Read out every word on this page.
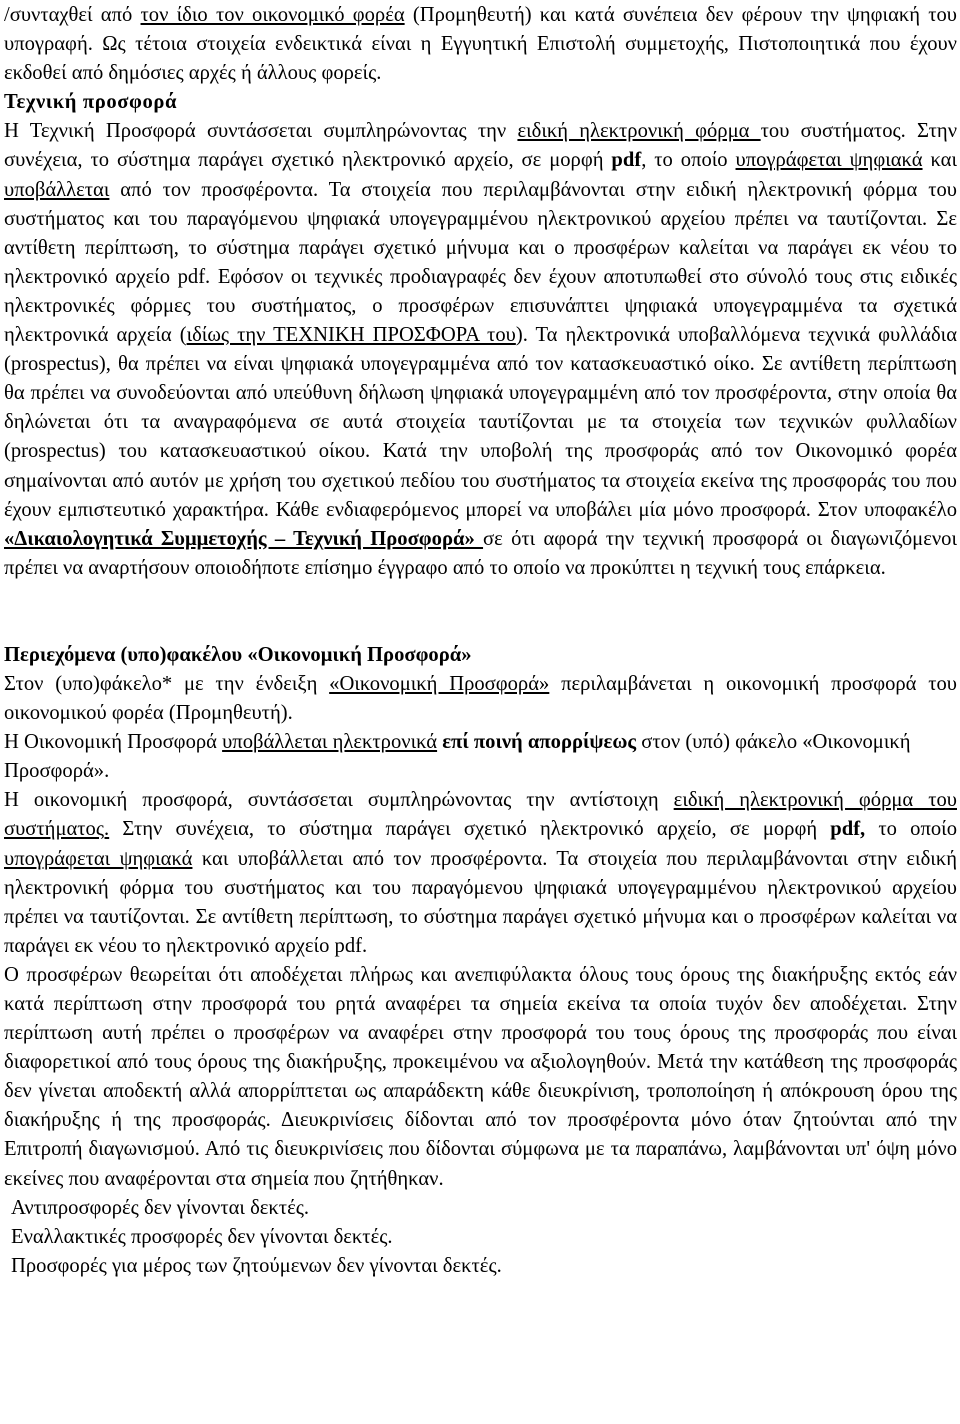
/συνταχθεί από τον ίδιο τον οικονομικό φορέα (Προμηθευτή) και κατά συνέπεια δεν φέρουν την ψηφιακή του υπογραφή. Ως τέτοια στοιχεία ενδεικτικά είναι η Εγγυητική Επιστολή συμμετοχής, Πιστοποιητικά που έχουν εκδοθεί από δημόσιες αρχές ή άλλους φορείς.

Τεχνική προσφορά

Η Τεχνική Προσφορά συντάσσεται συμπληρώνοντας την ειδική ηλεκτρονική φόρμα του συστήματος. Στην συνέχεια, το σύστημα παράγει σχετικό ηλεκτρονικό αρχείο, σε μορφή pdf, το οποίο υπογράφεται ψηφιακά και υποβάλλεται από τον προσφέροντα. Τα στοιχεία που περιλαμβάνονται στην ειδική ηλεκτρονική φόρμα του συστήματος και του παραγόμενου ψηφιακά υπογεγραμμένου ηλεκτρονικού αρχείου πρέπει να ταυτίζονται. Σε αντίθετη περίπτωση, το σύστημα παράγει σχετικό μήνυμα και ο προσφέρων καλείται να παράγει εκ νέου το ηλεκτρονικό αρχείο pdf. Εφόσον οι τεχνικές προδιαγραφές δεν έχουν αποτυπωθεί στο σύνολό τους στις ειδικές ηλεκτρονικές φόρμες του συστήματος, ο προσφέρων επισυνάπτει ψηφιακά υπογεγραμμένα τα σχετικά ηλεκτρονικά αρχεία (ιδίως την ΤΕΧΝΙΚΗ ΠΡΟΣΦΟΡΑ του). Τα ηλεκτρονικά υποβαλλόμενα τεχνικά φυλλάδια (prospectus), θα πρέπει να είναι ψηφιακά υπογεγραμμένα από τον κατασκευαστικό οίκο. Σε αντίθετη περίπτωση θα πρέπει να συνοδεύονται από υπεύθυνη δήλωση ψηφιακά υπογεγραμμένη από τον προσφέροντα, στην οποία θα δηλώνεται ότι τα αναγραφόμενα σε αυτά στοιχεία ταυτίζονται με τα στοιχεία των τεχνικών φυλλαδίων (prospectus) του κατασκευαστικού οίκου. Κατά την υποβολή της προσφοράς από τον Οικονομικό φορέα σημαίνονται από αυτόν με χρήση του σχετικού πεδίου του συστήματος τα στοιχεία εκείνα της προσφοράς του που έχουν εμπιστευτικό χαρακτήρα. Κάθε ενδιαφερόμενος μπορεί να υποβάλει μία μόνο προσφορά. Στον υποφακέλο «Δικαιολογητικά Συμμετοχής – Τεχνική Προσφορά» σε ότι αφορά την τεχνική προσφορά οι διαγωνιζόμενοι πρέπει να αναρτήσουν οποιοδήποτε επίσημο έγγραφο από το οποίο να προκύπτει η τεχνική τους επάρκεια.

Περιεχόμενα (υπο)φακέλου «Οικονομική Προσφορά»

Στον (υπο)φάκελο* με την ένδειξη «Οικονομική Προσφορά» περιλαμβάνεται η οικονομική προσφορά του οικονομικού φορέα (Προμηθευτή).

Η Οικονομική Προσφορά υποβάλλεται ηλεκτρονικά επί ποινή απορρίψεως στον (υπό) φάκελο «Οικονομική Προσφορά».

Η οικονομική προσφορά, συντάσσεται συμπληρώνοντας την αντίστοιχη ειδική ηλεκτρονική φόρμα του συστήματος. Στην συνέχεια, το σύστημα παράγει σχετικό ηλεκτρονικό αρχείο, σε μορφή pdf, το οποίο υπογράφεται ψηφιακά και υποβάλλεται από τον προσφέροντα. Τα στοιχεία που περιλαμβάνονται στην ειδική ηλεκτρονική φόρμα του συστήματος και του παραγόμενου ψηφιακά υπογεγραμμένου ηλεκτρονικού αρχείου πρέπει να ταυτίζονται. Σε αντίθετη περίπτωση, το σύστημα παράγει σχετικό μήνυμα και ο προσφέρων καλείται να παράγει εκ νέου το ηλεκτρονικό αρχείο pdf.

Ο προσφέρων θεωρείται ότι αποδέχεται πλήρως και ανεπιφύλακτα όλους τους όρους της διακήρυξης εκτός εάν κατά περίπτωση στην προσφορά του ρητά αναφέρει τα σημεία εκείνα τα οποία τυχόν δεν αποδέχεται. Στην περίπτωση αυτή πρέπει ο προσφέρων να αναφέρει στην προσφορά του τους όρους της προσφοράς που είναι διαφορετικοί από τους όρους της διακήρυξης, προκειμένου να αξιολογηθούν. Μετά την κατάθεση της προσφοράς δεν γίνεται αποδεκτή αλλά απορρίπτεται ως απαράδεκτη κάθε διευκρίνιση, τροποποίηση ή απόκρουση όρου της διακήρυξης ή της προσφοράς. Διευκρινίσεις δίδονται από τον προσφέροντα μόνο όταν ζητούνται από την Επιτροπή διαγωνισμού. Από τις διευκρινίσεις που δίδονται σύμφωνα με τα παραπάνω, λαμβάνονται υπ' όψη μόνο εκείνες που αναφέρονται στα σημεία που ζητήθηκαν.

Αντιπροσφορές δεν γίνονται δεκτές.

Εναλλακτικές προσφορές δεν γίνονται δεκτές.

Προσφορές για μέρος των ζητούμενων δεν γίνονται δεκτές.
